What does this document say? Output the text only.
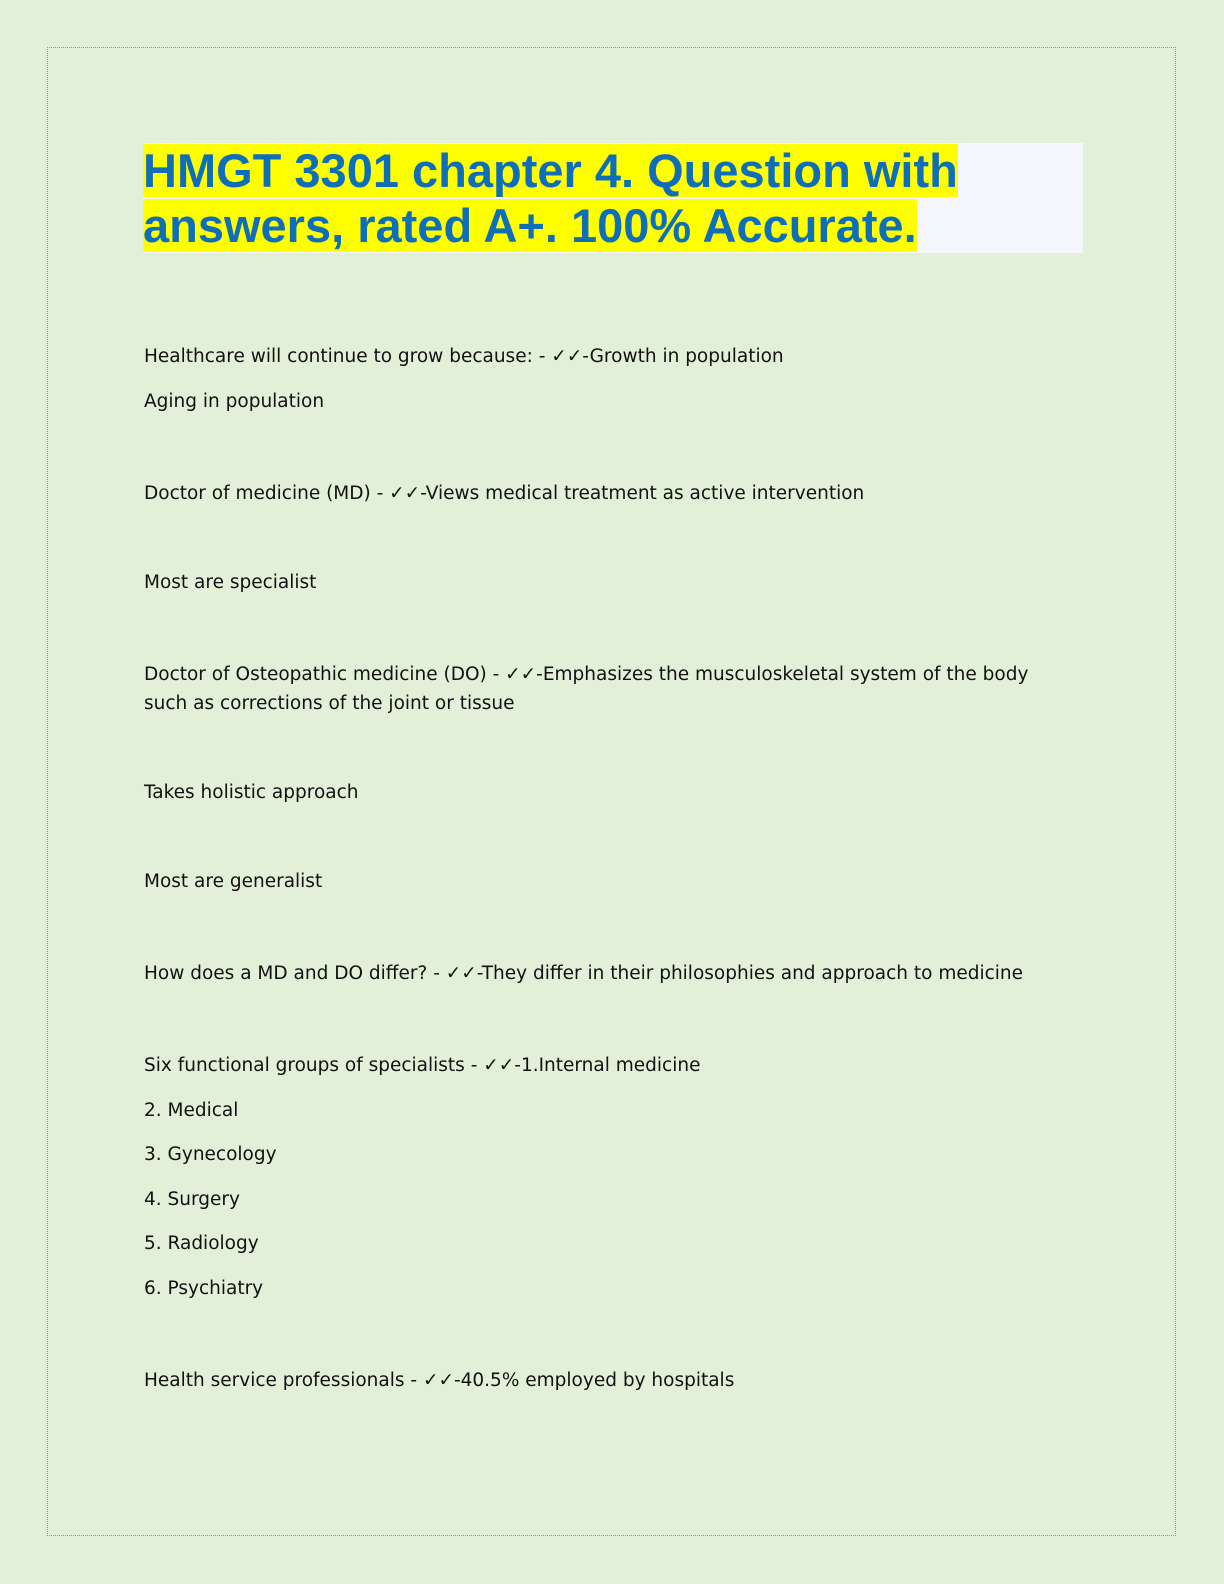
HMGT 3301 chapter 4. Question with
answers, rated A+. 100% Accurate.

Healthcare will continue to grow because: - ✓✓-Growth in population

Aging in population

Doctor of medicine (MD) - ✓✓-Views medical treatment as active intervention

Most are specialist

Doctor of Osteopathic medicine (DO) - ✓✓-Emphasizes the musculoskeletal system of the body such as corrections of the joint or tissue

Takes holistic approach

Most are generalist

How does a MD and DO differ? - ✓✓-They differ in their philosophies and approach to medicine

Six functional groups of specialists - ✓✓-1.Internal medicine

2. Medical

3. Gynecology

4. Surgery

5. Radiology

6. Psychiatry

Health service professionals - ✓✓-40.5% employed by hospitals
